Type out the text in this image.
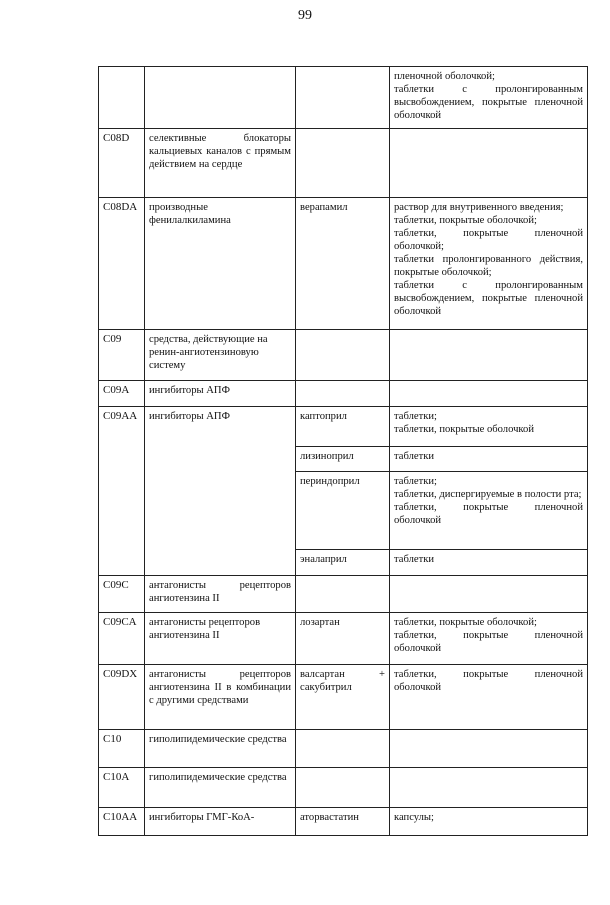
99

			пленочной оболочкой;
таблетки с пролонгированным высвобождением, покрытые пленочной оболочкой

C08D	селективные блокаторы кальциевых каналов с прямым действием на сердце		
C08DA	производные фенилалкиламина	верапамил	раствор для внутривенного введения;
таблетки, покрытые оболочкой;
таблетки, покрытые пленочной оболочкой;
таблетки пролонгированного действия, покрытые оболочкой;
таблетки с пролонгированным высвобождением, покрытые пленочной оболочкой

C09	средства, действующие на ренин-ангиотензиновую систему		
C09A	ингибиторы АПФ		
C09AA	ингибиторы АПФ	каптоприл	таблетки;
таблетки, покрытые оболочкой

		лизиноприл	таблетки

		периндоприл	таблетки;
таблетки, диспергируемые в полости рта;
таблетки, покрытые пленочной оболочкой

		эналаприл	таблетки

C09C	антагонисты рецепторов ангиотензина II		
C09CA	антагонисты рецепторов ангиотензина II	лозартан	таблетки, покрытые оболочкой;
таблетки, покрытые пленочной оболочкой

C09DX	антагонисты рецепторов ангиотензина II в комбинации с другими средствами	валсартан + сакубитрил	таблетки, покрытые пленочной оболочкой

C10	гиполипидемические средства		
C10A	гиполипидемические средства		
C10AA	ингибиторы ГМГ-КоА-	аторвастатин	капсулы;
